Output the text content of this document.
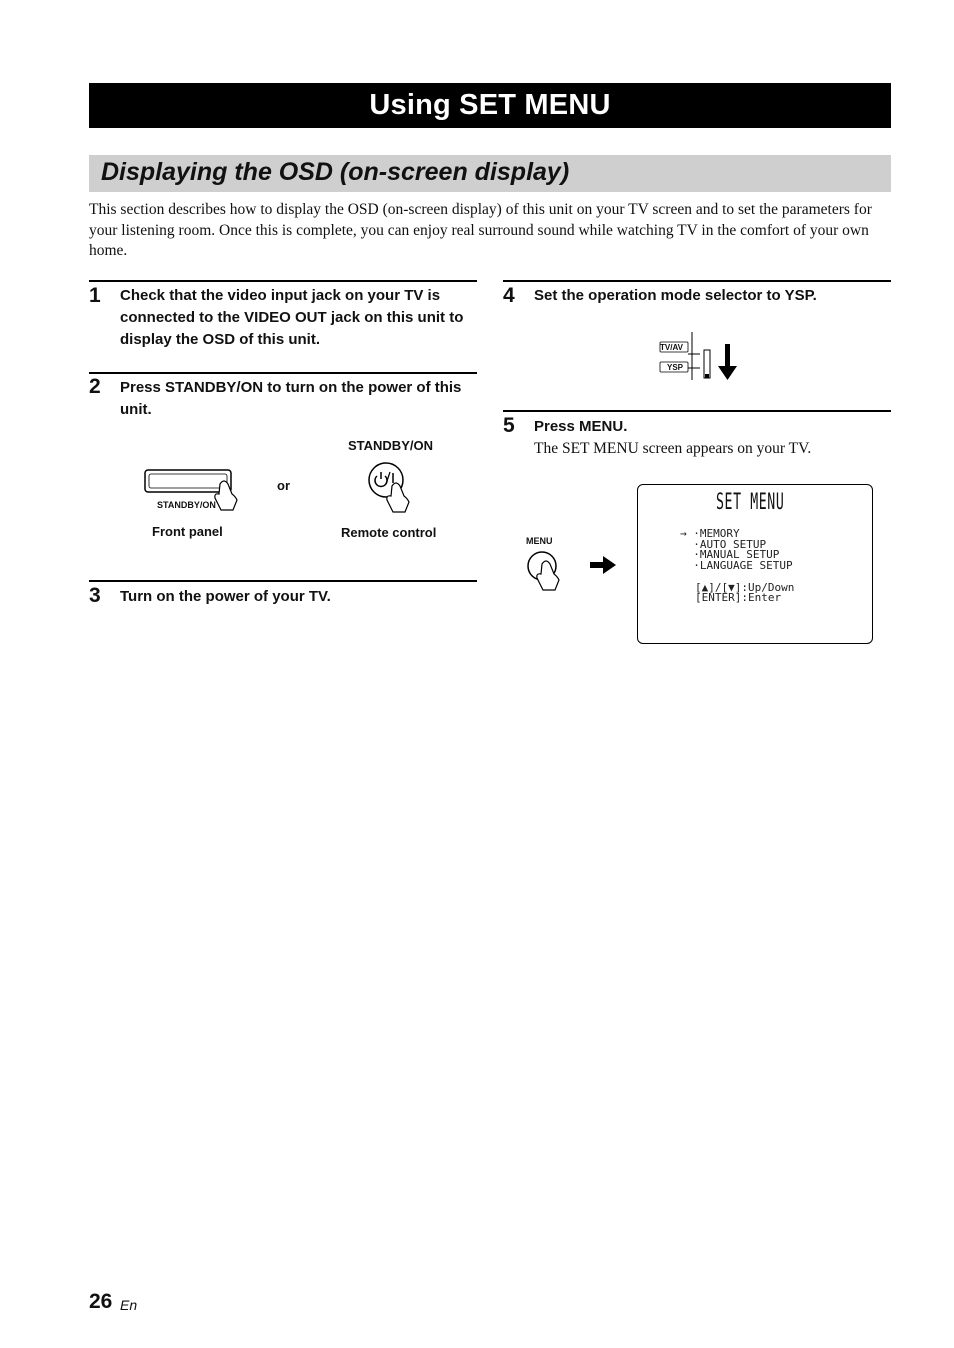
Using SET MENU
Displaying the OSD (on-screen display)
This section describes how to display the OSD (on-screen display) of this unit on your TV screen and to set the parameters for your listening room. Once this is complete, you can enjoy real surround sound while watching TV in the comfort of your own home.
1 Check that the video input jack on your TV is connected to the VIDEO OUT jack on this unit to display the OSD of this unit.
2 Press STANDBY/ON to turn on the power of this unit.
STANDBY/ON
STANDBY/ON
or
Front panel	Remote control
3 Turn on the power of your TV.
4 Set the operation mode selector to YSP.
TV/AV
YSP
5 Press MENU.
The SET MENU screen appears on your TV.
MENU
SET MENU
→ ·MEMORY
·AUTO SETUP
·MANUAL SETUP
·LANGUAGE SETUP
[▲]/[▼]:Up/Down
[ENTER]:Enter
26 En
